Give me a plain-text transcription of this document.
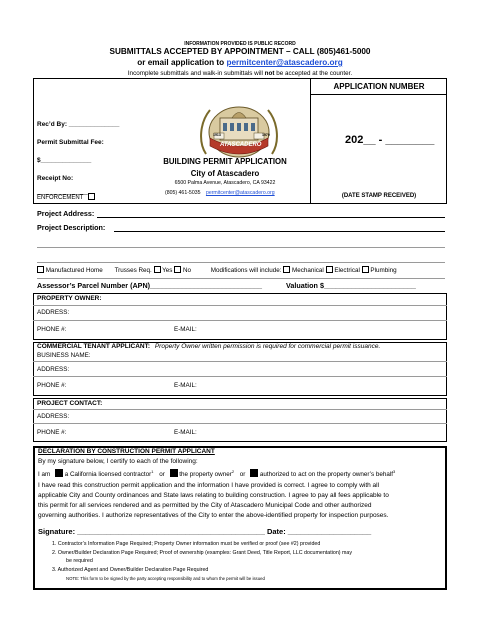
INFORMATION PROVIDED IS PUBLIC RECORD
SUBMITTALS ACCEPTED BY APPOINTMENT – CALL (805)461-5000
or email application to permitcenter@atascadero.org
Incomplete submittals and walk-in submittals will not be accepted at the counter.
Rec’d By: ______________
Permit Submittal Fee:
$______________
Receipt No:
______________
ENFORCEMENT
ATASCADERO
1913	1979
BUILDING PERMIT APPLICATION
City of Atascadero
6500 Palma Avenue, Atascadero, CA 93422
(805) 461-5035 permitcenter@atascadero.org
APPLICATION NUMBER
202__ - ________
(DATE STAMP RECEIVED)
Project Address:
Project Description:
Manufactured Home Trusses Req. Yes No	Modifications will include: Mechanical Electrical Plumbing
Assessor’s Parcel Number (APN)____________________________	Valuation $_______________________
PROPERTY OWNER:
ADDRESS:
PHONE #:	E-MAIL:
COMMERCIAL TENANT APPLICANT: Property Owner written permission is required for commercial permit issuance.
BUSINESS NAME:
ADDRESS:
PHONE #:	E-MAIL:
PROJECT CONTACT:
ADDRESS:
PHONE #:	E-MAIL:
DECLARATION BY CONSTRUCTION PERMIT APPLICANT
By my signature below, I certify to each of the following:
I am a California licensed contractor$^1$ or the property owner$^2$ or authorized to act on the property owner’s behalf$^3$
I have read this construction permit application and the information I have provided is correct. I agree to comply with all
applicable City and County ordinances and State laws relating to building construction. I agree to pay all fees applicable to
this permit for all services rendered and as permitted by the City of Atascadero Municipal Code and other authorized
governing authorities. I authorize representatives of the City to enter the above-identified property for inspection purposes.
Signature: _____________________________________________ Date: ____________________
1. Contractor’s Information Page Required; Property Owner information must be verified or proof (see #2) provided
2. Owner/Builder Declaration Page Required; Proof of ownership (examples: Grant Deed, Title Report, LLC documentation) may
be required
3. Authorized Agent and Owner/Builder Declaration Page Required
NOTE: This form to be signed by the party accepting responsibility and to whom the permit will be issued
